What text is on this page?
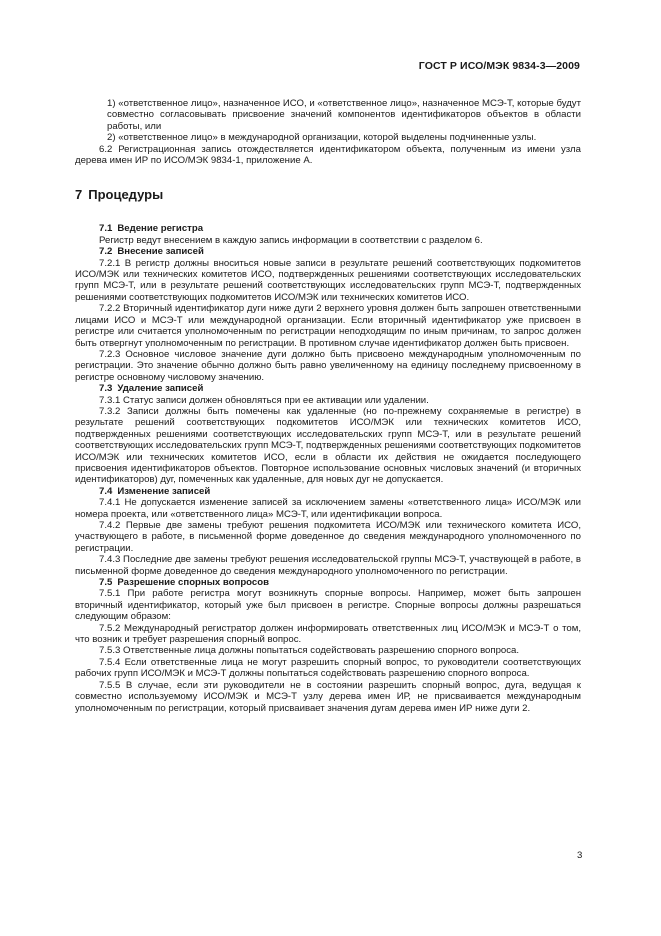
ГОСТ Р ИСО/МЭК 9834-3—2009
1) «ответственное лицо», назначенное ИСО, и «ответственное лицо», назначенное МСЭ-Т, которые будут совместно согласовывать присвоение значений компонентов идентификаторов объектов в области работы, или
2) «ответственное лицо» в международной организации, которой выделены подчиненные узлы.

6.2 Регистрационная запись отождествляется идентификатором объекта, полученным из имени узла дерева имен ИР по ИСО/МЭК 9834-1, приложение А.

7 Процедуры
7.1 Ведение регистра

Регистр ведут внесением в каждую запись информации в соответствии с разделом 6.

7.2 Внесение записей

7.2.1 В регистр должны вноситься новые записи в результате решений соответствующих подкомитетов ИСО/МЭК или технических комитетов ИСО, подтвержденных решениями соответствующих исследовательских групп МСЭ-Т, или в результате решений соответствующих исследовательских групп МСЭ-Т, подтвержденных решениями соответствующих подкомитетов ИСО/МЭК или технических комитетов ИСО.

7.2.2 Вторичный идентификатор дуги ниже дуги 2 верхнего уровня должен быть запрошен ответственными лицами ИСО и МСЭ-Т или международной организации. Если вторичный идентификатор уже присвоен в регистре или считается уполномоченным по регистрации неподходящим по иным причинам, то запрос должен быть отвергнут уполномоченным по регистрации. В противном случае идентификатор должен быть присвоен.

7.2.3 Основное числовое значение дуги должно быть присвоено международным уполномоченным по регистрации. Это значение обычно должно быть равно увеличенному на единицу последнему присвоенному в регистре основному числовому значению.

7.3 Удаление записей

7.3.1 Статус записи должен обновляться при ее активации или удалении.

7.3.2 Записи должны быть помечены как удаленные (но по-прежнему сохраняемые в регистре) в результате решений соответствующих подкомитетов ИСО/МЭК или технических комитетов ИСО, подтвержденных решениями соответствующих исследовательских групп МСЭ-Т, или в результате решений соответствующих исследовательских групп МСЭ-Т, подтвержденных решениями соответствующих подкомитетов ИСО/МЭК или технических комитетов ИСО, если в области их действия не ожидается последующего присвоения идентификаторов объектов. Повторное использование основных числовых значений (и вторичных идентификаторов) дуг, помеченных как удаленные, для новых дуг не допускается.

7.4 Изменение записей

7.4.1 Не допускается изменение записей за исключением замены «ответственного лица» ИСО/МЭК или номера проекта, или «ответственного лица» МСЭ-Т, или идентификации вопроса.

7.4.2 Первые две замены требуют решения подкомитета ИСО/МЭК или технического комитета ИСО, участвующего в работе, в письменной форме доведенное до сведения международного уполномоченного по регистрации.

7.4.3 Последние две замены требуют решения исследовательской группы МСЭ-Т, участвующей в работе, в письменной форме доведенное до сведения международного уполномоченного по регистрации.

7.5 Разрешение спорных вопросов

7.5.1 При работе регистра могут возникнуть спорные вопросы. Например, может быть запрошен вторичный идентификатор, который уже был присвоен в регистре. Спорные вопросы должны разрешаться следующим образом:

7.5.2 Международный регистратор должен информировать ответственных лиц ИСО/МЭК и МСЭ-Т о том, что возник и требует разрешения спорный вопрос.

7.5.3 Ответственные лица должны попытаться содействовать разрешению спорного вопроса.

7.5.4 Если ответственные лица не могут разрешить спорный вопрос, то руководители соответствующих рабочих групп ИСО/МЭК и МСЭ-Т должны попытаться содействовать разрешению спорного вопроса.

7.5.5 В случае, если эти руководители не в состоянии разрешить спорный вопрос, дуга, ведущая к совместно используемому ИСО/МЭК и МСЭ-Т узлу дерева имен ИР, не присваивается международным уполномоченным по регистрации, который присваивает значения дугам дерева имен ИР ниже дуги 2.

3
